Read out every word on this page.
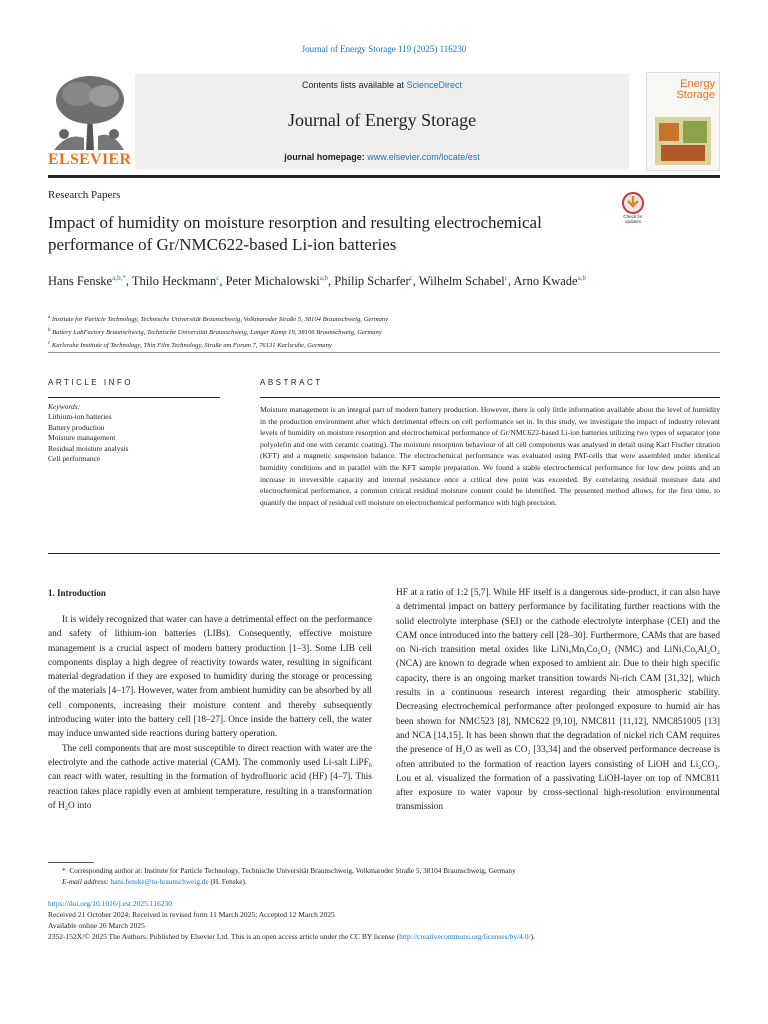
Journal of Energy Storage 119 (2025) 116230
ELSEVIER
Contents lists available at ScienceDirect
Journal of Energy Storage
journal homepage: www.elsevier.com/locate/est
Energy
Storage
Research Papers
Impact of humidity on moisture resorption and resulting electrochemical performance of Gr/NMC622-based Li-ion batteries
Check for updates
Hans Fenske$^{a,b,*}$, Thilo Heckmann$^c$, Peter Michalowski$^{a,b}$, Philip Scharfer$^c$, Wilhelm Schabel$^c$, Arno Kwade$^{a,b}$
$^a$ Institute for Particle Technology, Technische Universität Braunschweig, Volkmaroder Straße 5, 38104 Braunschweig, Germany
$^b$ Battery LabFactory Braunschweig, Technische Universität Braunschweig, Langer Kamp 19, 38106 Braunschweig, Germany
$^c$ Karlsruhe Institute of Technology, Thin Film Technology, Straße am Forum 7, 76131 Karlsruhe, Germany
ARTICLE INFO	ABSTRACT
Keywords:
Lithium-ion batteries
Battery production
Moisture management
Residual moisture analysis
Cell performance
Moisture management is an integral part of modern battery production. However, there is only little information available about the level of humidity in the production environment after which detrimental effects on cell performance set in. In this study, we investigate the impact of industry relevant levels of humidity on moisture resorption and electrochemical performance of Gr/NMC622-based Li-ion batteries utilizing two types of separator (one polyolefin and one with ceramic coating). The moisture resorption behaviour of all cell components was analysed in detail using Karl Fischer titration (KFT) and a magnetic suspension balance. The electrochemical performance was evaluated using PAT-cells that were assembled under identical humidity conditions and in parallel with the KFT sample preparation. We found a stable electrochemical performance for low dew points and an increase in irreversible capacity and internal resistance once a critical dew point was exceeded. By correlating residual moisture data and electrochemical performance, a common critical residual moisture content could be identified. The presented method allows, for the first time, to quantify the impact of residual cell moisture on electrochemical performance with high precision.
1. Introduction

It is widely recognized that water can have a detrimental effect on the performance and safety of lithium-ion batteries (LIBs). Consequently, effective moisture management is a crucial aspect of modern battery production [1–3]. Some LIB cell components display a high degree of reactivity towards water, resulting in significant material degradation if they are exposed to humidity during the storage or processing of the materials [4–17]. However, water from ambient humidity can be absorbed by all cell components, increasing their moisture content and thereby subsequently introducing water into the battery cell [18–27]. Once inside the battery cell, the water may induce unwanted side reactions during battery operation.

The cell components that are most susceptible to direct reaction with water are the electrolyte and the cathode active material (CAM). The commonly used Li-salt LiPF₆ can react with water, resulting in the formation of hydrofluoric acid (HF) [4–7]. This reaction takes place rapidly even at ambient temperature, resulting in a transformation of H₂O into

HF at a ratio of 1:2 [5,7]. While HF itself is a dangerous side-product, it can also have a detrimental impact on battery performance by facilitating further reactions with the solid electrolyte interphase (SEI) or the cathode electrolyte interphase (CEI) and the CAM once introduced into the battery cell [28–30]. Furthermore, CAMs that are based on Ni-rich transition metal oxides like LiNiₓMnᵧCo₂O₂ (NMC) and LiNiₓCoᵧAl₂O₂ (NCA) are known to degrade when exposed to ambient air. Due to their high specific capacity, there is an ongoing market transition towards Ni-rich CAM [31,32], which results in a continuous research interest regarding their atmospheric stability. Decreasing electrochemical performance after prolonged exposure to humid air has been shown for NMC523 [8], NMC622 [9,10], NMC811 [11,12], NMC851005 [13] and NCA [14,15]. It has been shown that the degradation of nickel rich CAM requires the presence of H₂O as well as CO₂ [33,34] and the observed performance decrease is often attributed to the formation of reaction layers consisting of LiOH and Li₂CO₃. Lou et al. visualized the formation of a passivating LiOH-layer on top of NMC811 after exposure to water vapour by cross-sectional high-resolution environmental transmission

* Corresponding author at: Institute for Particle Technology, Technische Universität Braunschweig, Volkmaroder Straße 5, 38104 Braunschweig, Germany
E-mail address: hans.fenske@tu-braunschweig.de (H. Fenske).
https://doi.org/10.1016/j.est.2025.116230
Received 21 October 2024; Received in revised form 11 March 2025; Accepted 12 March 2025
Available online 26 March 2025
2352-152X/© 2025 The Authors. Published by Elsevier Ltd. This is an open access article under the CC BY license (http://creativecommons.org/licenses/by/4.0/).
